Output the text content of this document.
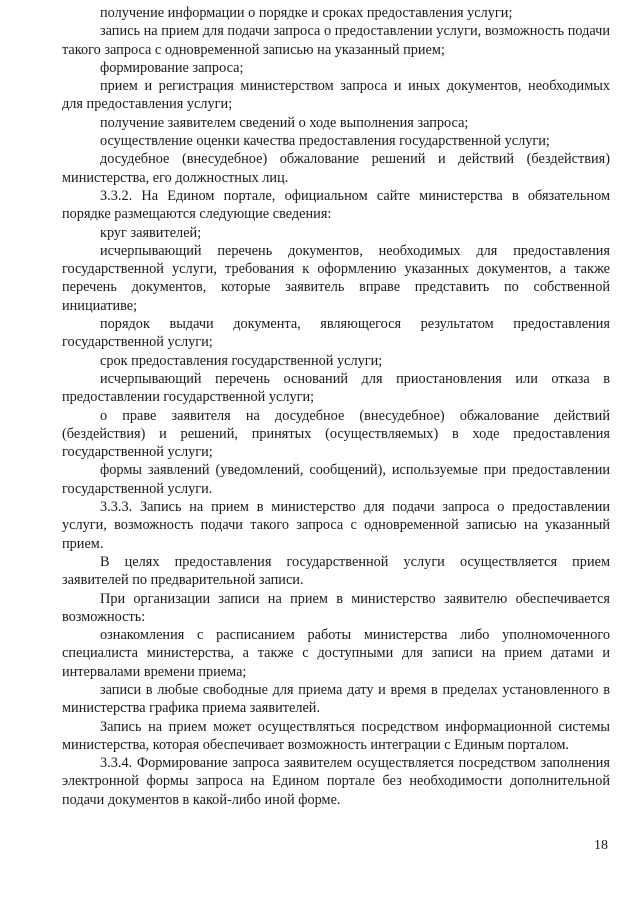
получение информации о порядке и сроках предоставления услуги;

запись на прием для подачи запроса о предоставлении услуги, возможность подачи такого запроса с одновременной записью на указанный прием;

формирование запроса;

прием и регистрация министерством запроса и иных документов, необходимых для предоставления услуги;

получение заявителем сведений о ходе выполнения запроса;

осуществление оценки качества предоставления государственной услуги;

досудебное (внесудебное) обжалование решений и действий (бездействия) министерства, его должностных лиц.

3.3.2. На Едином портале, официальном сайте министерства в обязательном порядке размещаются следующие сведения:

круг заявителей;

исчерпывающий перечень документов, необходимых для предоставления государственной услуги, требования к оформлению указанных документов, а также перечень документов, которые заявитель вправе представить по собственной инициативе;

порядок выдачи документа, являющегося результатом предоставления государственной услуги;

срок предоставления государственной услуги;

исчерпывающий перечень оснований для приостановления или отказа в предоставлении государственной услуги;

о праве заявителя на досудебное (внесудебное) обжалование действий (бездействия) и решений, принятых (осуществляемых) в ходе предоставления государственной услуги;

формы заявлений (уведомлений, сообщений), используемые при предоставлении государственной услуги.

3.3.3. Запись на прием в министерство для подачи запроса о предоставлении услуги, возможность подачи такого запроса с одновременной записью на указанный прием.

В целях предоставления государственной услуги осуществляется прием заявителей по предварительной записи.

При организации записи на прием в министерство заявителю обеспечивается возможность:

ознакомления с расписанием работы министерства либо уполномоченного специалиста министерства, а также с доступными для записи на прием датами и интервалами времени приема;

записи в любые свободные для приема дату и время в пределах установленного в министерства графика приема заявителей.

Запись на прием может осуществляться посредством информационной системы министерства, которая обеспечивает возможность интеграции с Единым порталом.

3.3.4. Формирование запроса заявителем осуществляется посредством заполнения электронной формы запроса на Едином портале без необходимости дополнительной подачи документов в какой-либо иной форме.

18
